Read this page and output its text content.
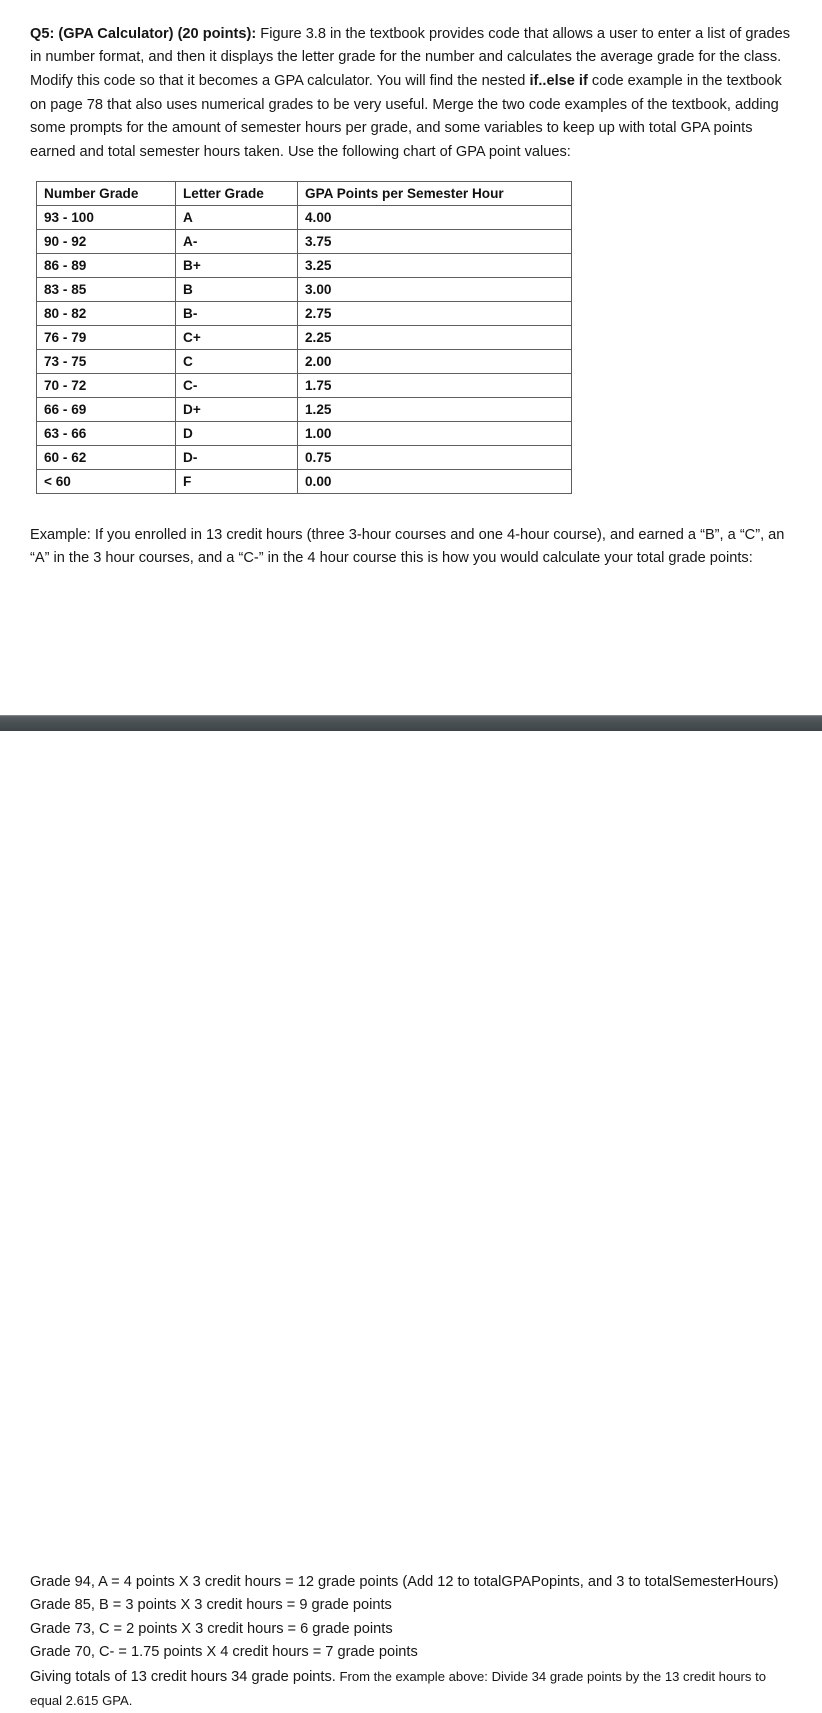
Q5: (GPA Calculator) (20 points): Figure 3.8 in the textbook provides code that allows a user to enter a list of grades in number format, and then it displays the letter grade for the number and calculates the average grade for the class. Modify this code so that it becomes a GPA calculator. You will find the nested if..else if code example in the textbook on page 78 that also uses numerical grades to be very useful. Merge the two code examples of the textbook, adding some prompts for the amount of semester hours per grade, and some variables to keep up with total GPA points earned and total semester hours taken. Use the following chart of GPA point values:

Number Grade	Letter Grade	GPA Points per Semester Hour
93 - 100	A	4.00
90 - 92	A-	3.75
86 - 89	B+	3.25
83 - 85	B	3.00
80 - 82	B-	2.75
76 - 79	C+	2.25
73 - 75	C	2.00
70 - 72	C-	1.75
66 - 69	D+	1.25
63 - 66	D	1.00
60 - 62	D-	0.75
< 60	F	0.00

Example: If you enrolled in 13 credit hours (three 3-hour courses and one 4-hour course), and earned a “B”, a “C”, an “A” in the 3 hour courses, and a “C-” in the 4 hour course this is how you would calculate your total grade points:

Grade 94, A = 4 points X 3 credit hours = 12 grade points (Add 12 to totalGPAPopints, and 3 to totalSemesterHours)
Grade 85, B = 3 points X 3 credit hours = 9 grade points
Grade 73, C = 2 points X 3 credit hours = 6 grade points
Grade 70, C- = 1.75 points X 4 credit hours = 7 grade points
Giving totals of 13 credit hours 34 grade points. From the example above: Divide 34 grade points by the 13 credit hours to equal 2.615 GPA.
